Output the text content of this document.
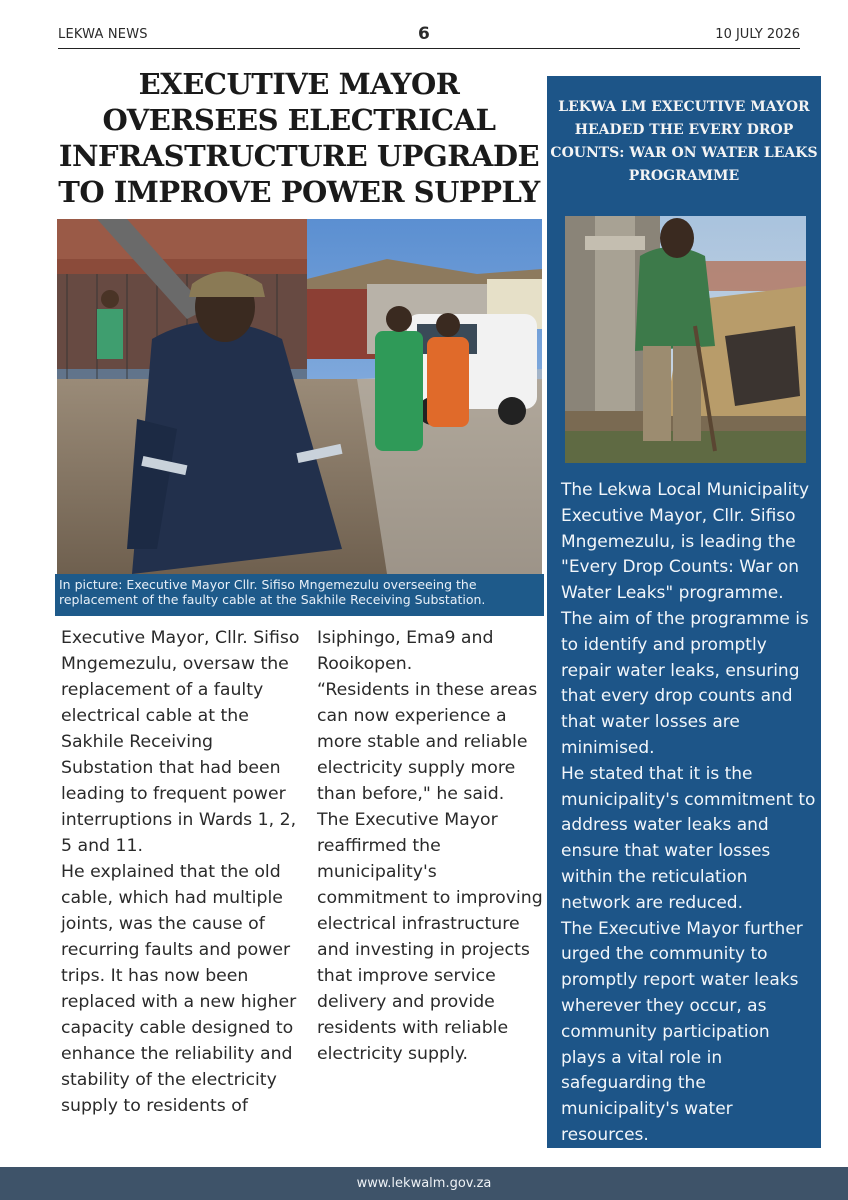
LEKWA NEWS	6	10 JULY 2026
EXECUTIVE MAYOR OVERSEES ELECTRICAL INFRASTRUCTURE UPGRADE TO IMPROVE POWER SUPPLY
In picture: Executive Mayor Cllr. Sifiso Mngemezulu overseeing the replacement of the faulty cable at the Sakhile Receiving Substation.

Executive Mayor, Cllr. Sifiso Mngemezulu, oversaw the replacement of a faulty electrical cable at the Sakhile Receiving Substation that had been leading to frequent power interruptions in Wards 1, 2, 5 and 11.

He explained that the old cable, which had multiple joints, was the cause of recurring faults and power trips. It has now been replaced with a new higher capacity cable designed to enhance the reliability and stability of the electricity supply to residents of

Isiphingo, Ema9 and Rooikopen.

“Residents in these areas can now experience a more stable and reliable electricity supply more than before," he said.

The Executive Mayor reaffirmed the municipality's commitment to improving electrical infrastructure and investing in projects that improve service delivery and provide residents with reliable electricity supply.

LEKWA LM EXECUTIVE MAYOR HEADED THE EVERY DROP COUNTS: WAR ON WATER LEAKS PROGRAMME

The Lekwa Local Municipality Executive Mayor, Cllr. Sifiso Mngemezulu, is leading the "Every Drop Counts: War on Water Leaks" programme. The aim of the programme is to identify and promptly repair water leaks, ensuring that every drop counts and that water losses are minimised.

He stated that it is the municipality's commitment to address water leaks and ensure that water losses within the reticulation network are reduced.

The Executive Mayor further urged the community to promptly report water leaks wherever they occur, as community participation plays a vital role in safeguarding the municipality's water resources.

www.lekwalm.gov.za
